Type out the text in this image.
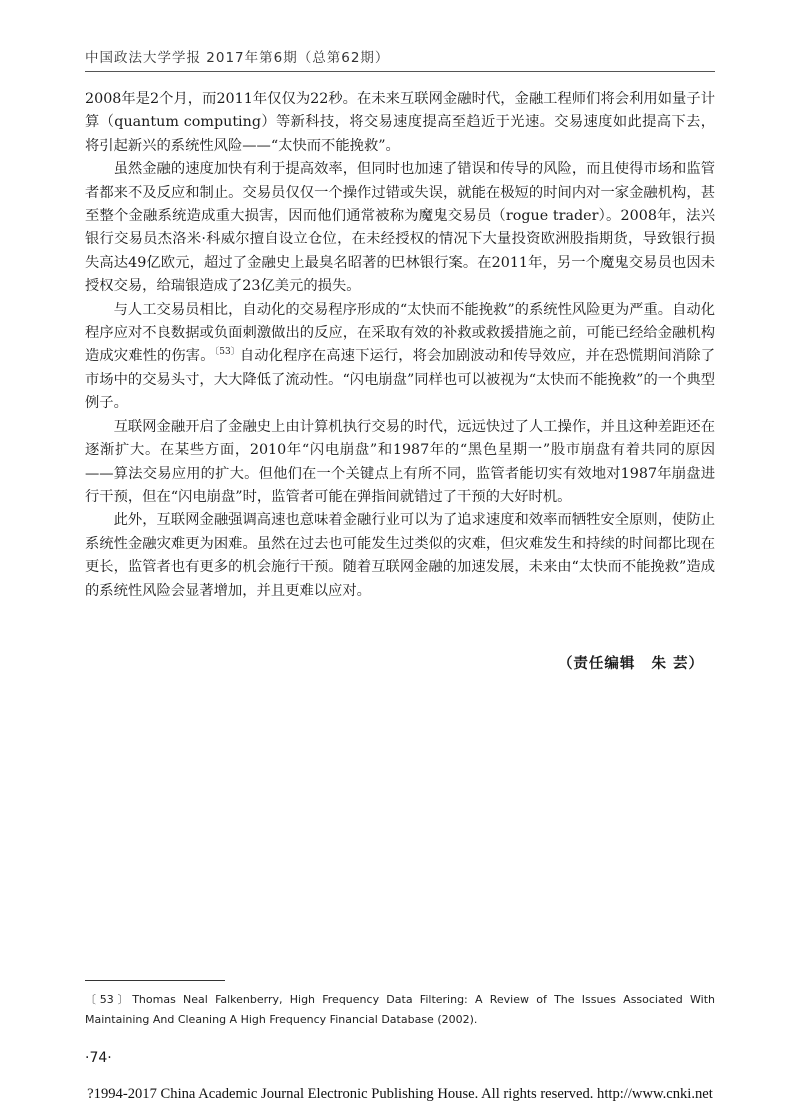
中国政法大学学报 2017年第6期（总第62期）

2008年是2个月，而2011年仅仅为22秒。在未来互联网金融时代，金融工程师们将会利用如量子计算（quantum computing）等新科技，将交易速度提高至趋近于光速。交易速度如此提高下去，将引起新兴的系统性风险——“太快而不能挽救”。

虽然金融的速度加快有利于提高效率，但同时也加速了错误和传导的风险，而且使得市场和监管者都来不及反应和制止。交易员仅仅一个操作过错或失误，就能在极短的时间内对一家金融机构，甚至整个金融系统造成重大损害，因而他们通常被称为魔鬼交易员（rogue trader）。2008年，法兴银行交易员杰洛米·科威尔擅自设立仓位，在未经授权的情况下大量投资欧洲股指期货，导致银行损失高达49亿欧元，超过了金融史上最臭名昭著的巴林银行案。在2011年，另一个魔鬼交易员也因未授权交易，给瑞银造成了23亿美元的损失。

与人工交易员相比，自动化的交易程序形成的“太快而不能挽救”的系统性风险更为严重。自动化程序应对不良数据或负面刺激做出的反应，在采取有效的补救或救援措施之前，可能已经给金融机构造成灾难性的伤害。$^{〔53〕}$自动化程序在高速下运行，将会加剧波动和传导效应，并在恐慌期间消除了市场中的交易头寸，大大降低了流动性。“闪电崩盘”同样也可以被视为“太快而不能挽救”的一个典型例子。

互联网金融开启了金融史上由计算机执行交易的时代，远远快过了人工操作，并且这种差距还在逐渐扩大。在某些方面，2010年“闪电崩盘”和1987年的“黑色星期一”股市崩盘有着共同的原因——算法交易应用的扩大。但他们在一个关键点上有所不同，监管者能切实有效地对1987年崩盘进行干预，但在“闪电崩盘”时，监管者可能在弹指间就错过了干预的大好时机。

此外，互联网金融强调高速也意味着金融行业可以为了追求速度和效率而牺牲安全原则，使防止系统性金融灾难更为困难。虽然在过去也可能发生过类似的灾难，但灾难发生和持续的时间都比现在更长，监管者也有更多的机会施行干预。随着互联网金融的加速发展，未来由“太快而不能挽救”造成的系统性风险会显著增加，并且更难以应对。

（责任编辑 朱 芸）
〔53〕Thomas Neal Falkenberry, High Frequency Data Filtering: A Review of The Issues Associated With Maintaining And Cleaning A High Frequency Financial Database (2002).
·74·
?1994-2017 China Academic Journal Electronic Publishing House. All rights reserved. http://www.cnki.net
